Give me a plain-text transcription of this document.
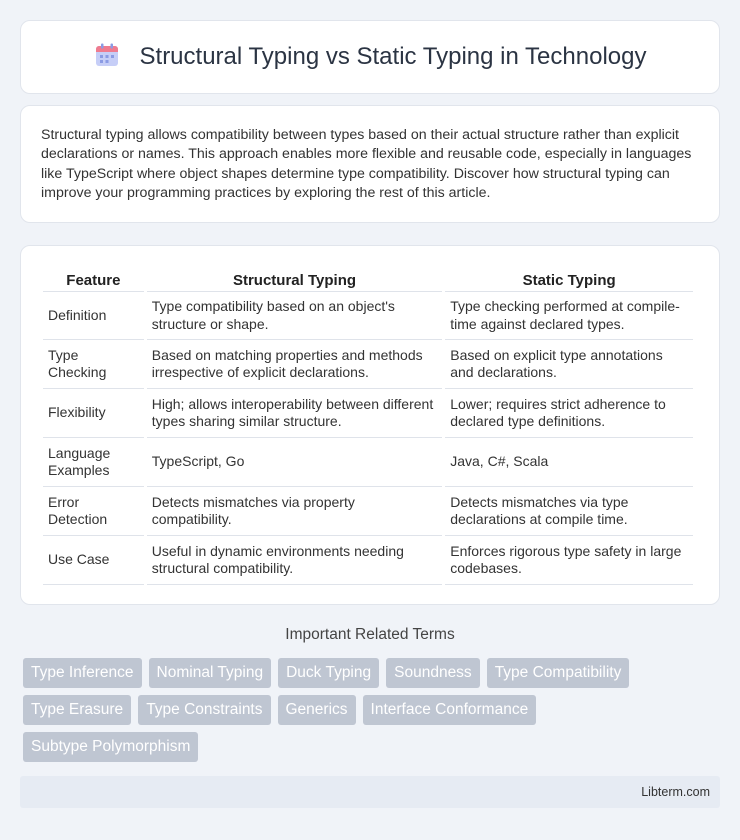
Structural Typing vs Static Typing in Technology

Structural typing allows compatibility between types based on their actual structure rather than explicit declarations or names. This approach enables more flexible and reusable code, especially in languages like TypeScript where object shapes determine type compatibility. Discover how structural typing can improve your programming practices by exploring the rest of this article.

Feature	Structural Typing	Static Typing
Definition	Type compatibility based on an object's structure or shape.	Type checking performed at compile-time against declared types.
Type Checking	Based on matching properties and methods irrespective of explicit declarations.	Based on explicit type annotations and declarations.
Flexibility	High; allows interoperability between different types sharing similar structure.	Lower; requires strict adherence to declared type definitions.
Language Examples	TypeScript, Go	Java, C#, Scala
Error Detection	Detects mismatches via property compatibility.	Detects mismatches via type declarations at compile time.
Use Case	Useful in dynamic environments needing structural compatibility.	Enforces rigorous type safety in large codebases.
Important Related Terms
Type Inference	Nominal Typing	Duck Typing	Soundness	Type Compatibility
Type Erasure	Type Constraints	Generics	Interface Conformance
Subtype Polymorphism
Libterm.com
